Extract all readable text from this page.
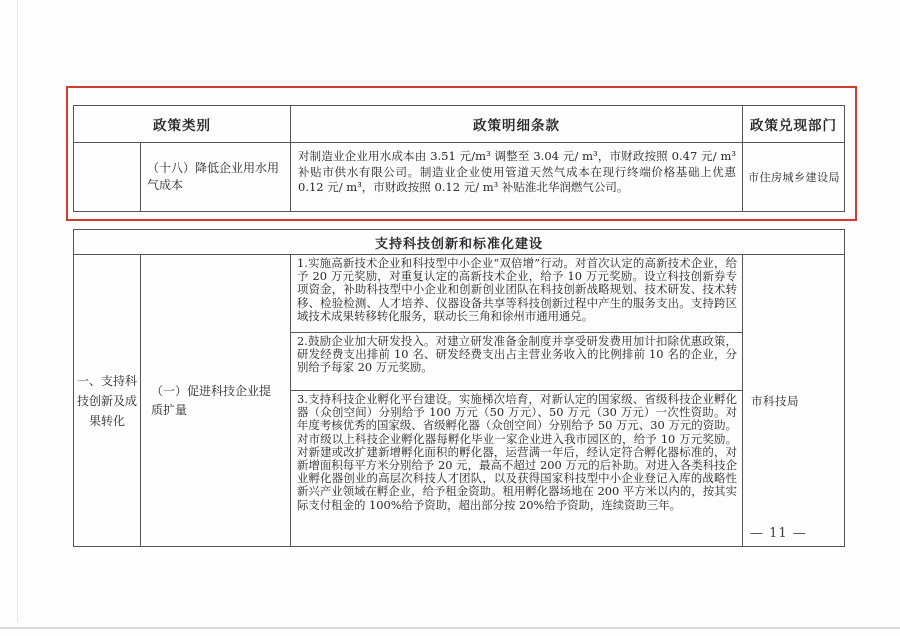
政策类别	政策明细条款	政策兑现部门
（十八）降低企业用水用气成本
对制造业企业用水成本由 3.51 元/m³ 调整至 3.04 元/ m³，市财政按照 0.47 元/ m³ 补贴市供水有限公司。制造业企业使用管道天然气成本在现行终端价格基础上优惠 0.12 元/ m³，市财政按照 0.12 元/ m³ 补贴淮北华润燃气公司。
市住房城乡建设局
支持科技创新和标准化建设
一、支持科技创新及成果转化
（一）促进科技企业提质扩量
1.实施高新技术企业和科技型中小企业“双倍增”行动。对首次认定的高新技术企业，给予 20 万元奖励，对重复认定的高新技术企业，给予 10 万元奖励。设立科技创新券专项资金，补助科技型中小企业和创新创业团队在科技创新战略规划、技术研发、技术转移、检验检测、人才培养、仪器设备共享等科技创新过程中产生的服务支出。支持跨区域技术成果转移转化服务，联动长三角和徐州市通用通兑。
2.鼓励企业加大研发投入。对建立研发准备金制度并享受研发费用加计扣除优惠政策，研发经费支出排前 10 名、研发经费支出占主营业务收入的比例排前 10 名的企业，分别给予每家 20 万元奖励。
3.支持科技企业孵化平台建设。实施梯次培育，对新认定的国家级、省级科技企业孵化器（众创空间）分别给予 100 万元（50 万元）、50 万元（30 万元）一次性资助。对年度考核优秀的国家级、省级孵化器（众创空间）分别给予 50 万元、30 万元的资助。对市级以上科技企业孵化器每孵化毕业一家企业进入我市园区的，给予 10 万元奖励。对新建或改扩建新增孵化面积的孵化器，运营满一年后，经认定符合孵化器标准的，对新增面积每平方米分别给予 20 元，最高不超过 200 万元的后补助。对进入各类科技企业孵化器创业的高层次科技人才团队，以及获得国家科技型中小企业登记入库的战略性新兴产业领域在孵企业，给予租金资助。租用孵化器场地在 200 平方米以内的，按其实际支付租金的 100%给予资助，超出部分按 20%给予资助，连续资助三年。
市科技局
— 11 —
